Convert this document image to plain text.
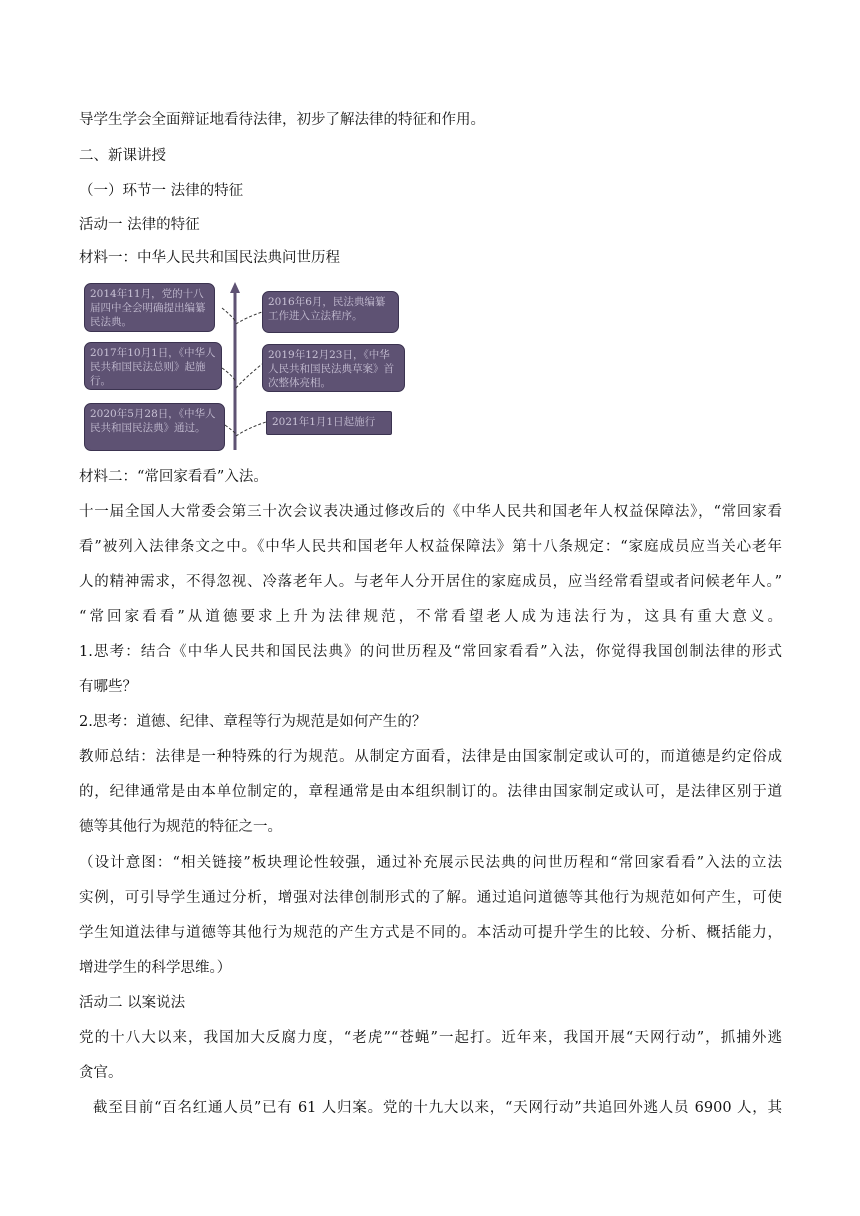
导学生学会全面辩证地看待法律，初步了解法律的特征和作用。
二、新课讲授
（一）环节一 法律的特征
活动一 法律的特征
材料一：中华人民共和国民法典问世历程
2014年11月，党的十八届四中全会明确提出编纂民法典。
2017年10月1日，《中华人民共和国民法总则》起施行。
2020年5月28日，《中华人民共和国民法典》通过。
2016年6月，民法典编纂工作进入立法程序。
2019年12月23日，《中华人民共和国民法典草案》首次整体亮相。
2021年1月1日起施行
材料二：“常回家看看”入法。
十一届全国人大常委会第三十次会议表决通过修改后的《中华人民共和国老年人权益保障法》，“常回家看
看”被列入法律条文之中。《中华人民共和国老年人权益保障法》第十八条规定：“家庭成员应当关心老年
人的精神需求，不得忽视、冷落老年人。与老年人分开居住的家庭成员，应当经常看望或者问候老年人。”
“常回家看看”从道德要求上升为法律规范，不常看望老人成为违法行为，这具有重大意义。
1.思考：结合《中华人民共和国民法典》的问世历程及“常回家看看”入法，你觉得我国创制法律的形式
有哪些？
2.思考：道德、纪律、章程等行为规范是如何产生的？
教师总结：法律是一种特殊的行为规范。从制定方面看，法律是由国家制定或认可的，而道德是约定俗成
的，纪律通常是由本单位制定的，章程通常是由本组织制订的。法律由国家制定或认可，是法律区别于道
德等其他行为规范的特征之一。
（设计意图：“相关链接”板块理论性较强，通过补充展示民法典的问世历程和“常回家看看”入法的立法
实例，可引导学生通过分析，增强对法律创制形式的了解。通过追问道德等其他行为规范如何产生，可使
学生知道法律与道德等其他行为规范的产生方式是不同的。本活动可提升学生的比较、分析、概括能力，
增进学生的科学思维。）
活动二 以案说法
党的十八大以来，我国加大反腐力度，“老虎”“苍蝇”一起打。近年来，我国开展“天网行动”，抓捕外逃
贪官。
截至目前“百名红通人员”已有 61 人归案。党的十九大以来，“天网行动”共追回外逃人员 6900 人，其
